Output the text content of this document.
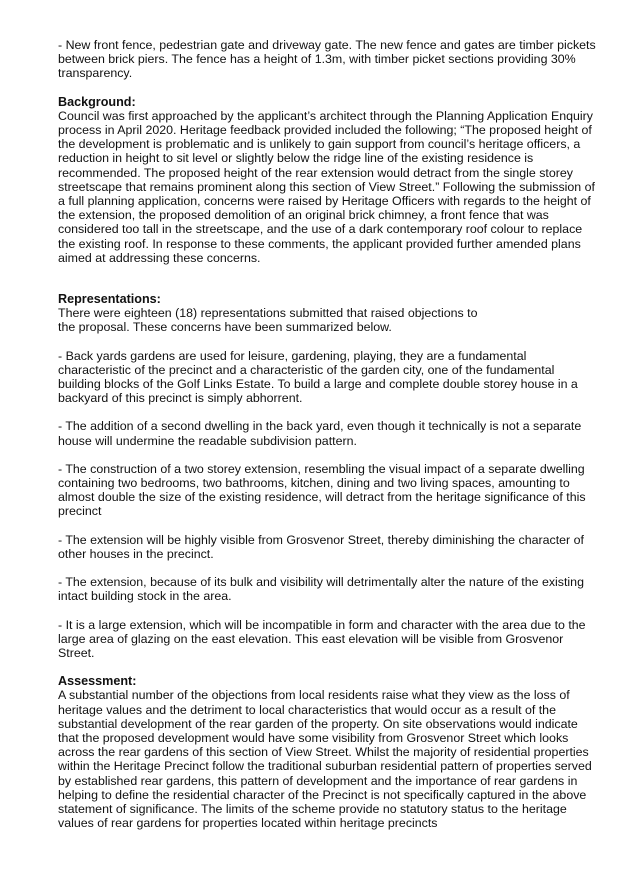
- New front fence, pedestrian gate and driveway gate. The new fence and gates are timber pickets between brick piers. The fence has a height of 1.3m, with timber picket sections providing 30% transparency.

Background:

Council was first approached by the applicant’s architect through the Planning Application Enquiry process in April 2020. Heritage feedback provided included the following; “The proposed height of the development is problematic and is unlikely to gain support from council’s heritage officers, a reduction in height to sit level or slightly below the ridge line of the existing residence is recommended. The proposed height of the rear extension would detract from the single storey streetscape that remains prominent along this section of View Street.” Following the submission of a full planning application, concerns were raised by Heritage Officers with regards to the height of the extension, the proposed demolition of an original brick chimney, a front fence that was considered too tall in the streetscape, and the use of a dark contemporary roof colour to replace the existing roof. In response to these comments, the applicant provided further amended plans aimed at addressing these concerns.

Representations:

There were eighteen (18) representations submitted that raised objections to the proposal. These concerns have been summarized below.

- Back yards gardens are used for leisure, gardening, playing, they are a fundamental characteristic of the precinct and a characteristic of the garden city, one of the fundamental building blocks of the Golf Links Estate. To build a large and complete double storey house in a backyard of this precinct is simply abhorrent.

- The addition of a second dwelling in the back yard, even though it technically is not a separate house will undermine the readable subdivision pattern.

- The construction of a two storey extension, resembling the visual impact of a separate dwelling containing two bedrooms, two bathrooms, kitchen, dining and two living spaces, amounting to almost double the size of the existing residence, will detract from the heritage significance of this precinct

- The extension will be highly visible from Grosvenor Street, thereby diminishing the character of other houses in the precinct.

- The extension, because of its bulk and visibility will detrimentally alter the nature of the existing intact building stock in the area.

- It is a large extension, which will be incompatible in form and character with the area due to the large area of glazing on the east elevation. This east elevation will be visible from Grosvenor Street.

Assessment:

A substantial number of the objections from local residents raise what they view as the loss of heritage values and the detriment to local characteristics that would occur as a result of the substantial development of the rear garden of the property. On site observations would indicate that the proposed development would have some visibility from Grosvenor Street which looks across the rear gardens of this section of View Street. Whilst the majority of residential properties within the Heritage Precinct follow the traditional suburban residential pattern of properties served by established rear gardens, this pattern of development and the importance of rear gardens in helping to define the residential character of the Precinct is not specifically captured in the above statement of significance. The limits of the scheme provide no statutory status to the heritage values of rear gardens for properties located within heritage precincts
